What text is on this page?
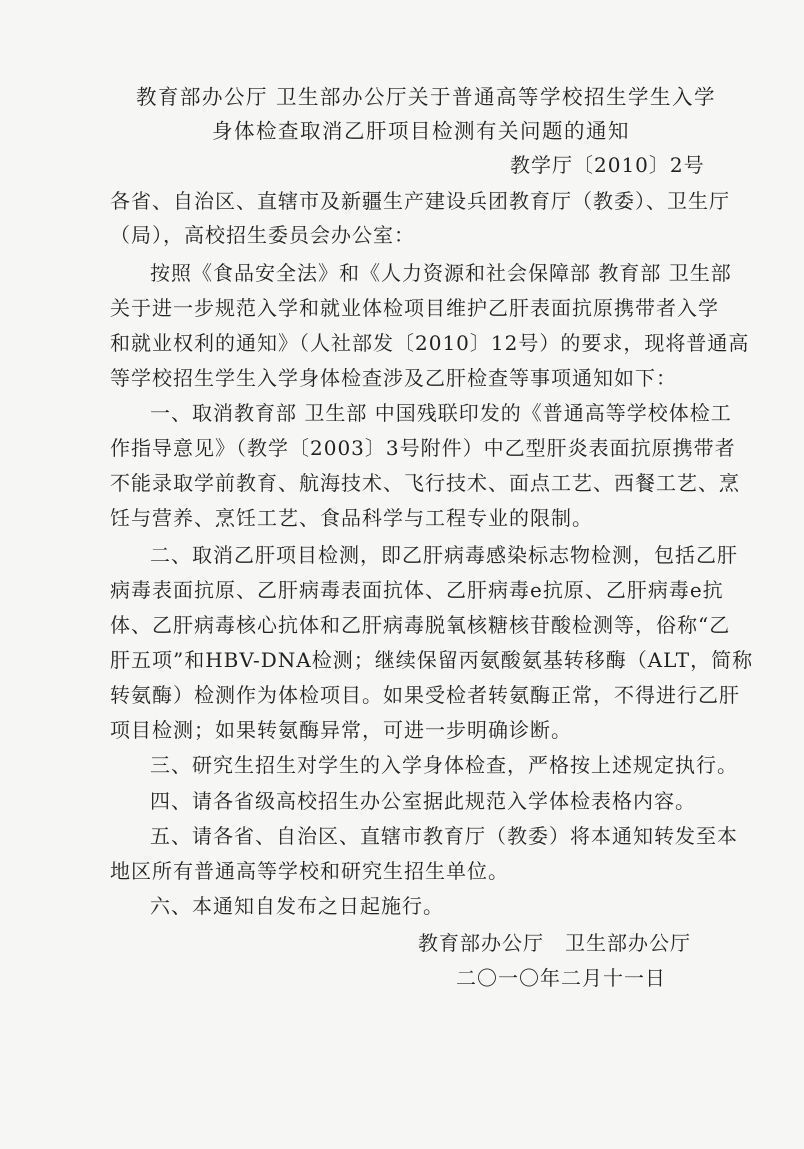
教育部办公厅 卫生部办公厅关于普通高等学校招生学生入学
身体检查取消乙肝项目检测有关问题的通知
教学厅〔2010〕2号
各省、自治区、直辖市及新疆生产建设兵团教育厅（教委）、卫生厅
（局），高校招生委员会办公室：
按照《食品安全法》和《人力资源和社会保障部 教育部 卫生部
关于进一步规范入学和就业体检项目维护乙肝表面抗原携带者入学
和就业权利的通知》（人社部发〔2010〕12号）的要求，现将普通高
等学校招生学生入学身体检查涉及乙肝检查等事项通知如下：
一、取消教育部 卫生部 中国残联印发的《普通高等学校体检工
作指导意见》（教学〔2003〕3号附件）中乙型肝炎表面抗原携带者
不能录取学前教育、航海技术、飞行技术、面点工艺、西餐工艺、烹
饪与营养、烹饪工艺、食品科学与工程专业的限制。
二、取消乙肝项目检测，即乙肝病毒感染标志物检测，包括乙肝
病毒表面抗原、乙肝病毒表面抗体、乙肝病毒e抗原、乙肝病毒e抗
体、乙肝病毒核心抗体和乙肝病毒脱氧核糖核苷酸检测等，俗称“乙
肝五项”和HBV-DNA检测；继续保留丙氨酸氨基转移酶（ALT，简称
转氨酶）检测作为体检项目。如果受检者转氨酶正常，不得进行乙肝
项目检测；如果转氨酶异常，可进一步明确诊断。
三、研究生招生对学生的入学身体检查，严格按上述规定执行。
四、请各省级高校招生办公室据此规范入学体检表格内容。
五、请各省、自治区、直辖市教育厅（教委）将本通知转发至本
地区所有普通高等学校和研究生招生单位。
六、本通知自发布之日起施行。
教育部办公厅　卫生部办公厅
二〇一〇年二月十一日
